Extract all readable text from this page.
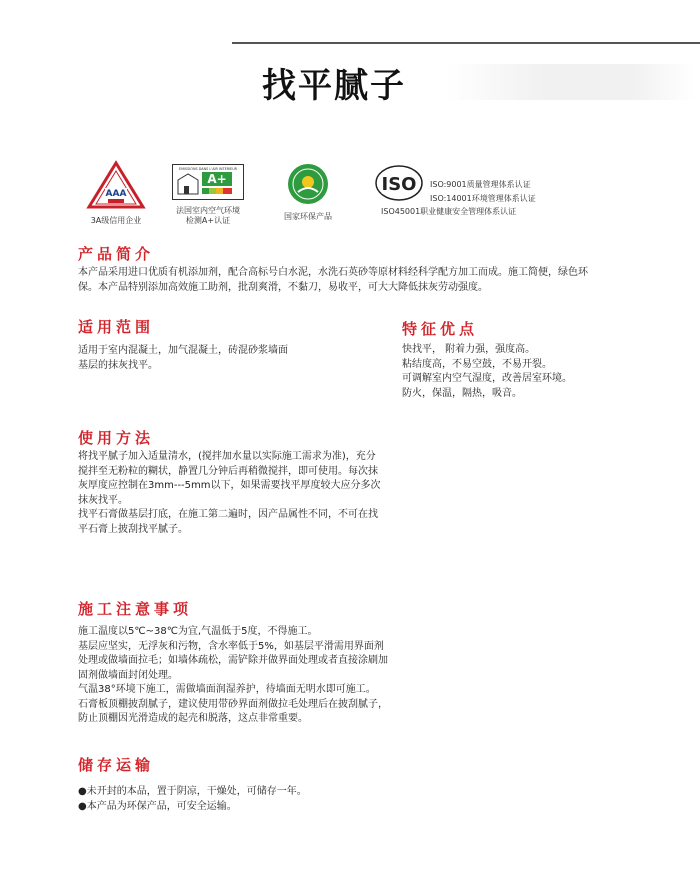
找平腻子
AAA
3A级信用企业
EMISSIONS DANS L'AIR INTERIEUR
A+
法国室内空气环境
检测A+认证	国家环保产品
ISO ISO:9001质量管理体系认证
ISO:14001环境管理体系认证
ISO45001职业健康安全管理体系认证
产品简介

本产品采用进口优质有机添加剂，配合高标号白水泥，水洗石英砂等原材料经科学配方加工而成。施工简便，绿色环

保。本产品特别添加高效施工助剂，批刮爽滑，不黏刀，易收平，可大大降低抹灰劳动强度。

适用范围

适用于室内混凝土，加气混凝土，砖混砂浆墙面

基层的抹灰找平。

特征优点

快找平， 附着力强，强度高。

粘结度高，不易空鼓，不易开裂。

可调解室内空气湿度，改善居室环境。

防火，保温，隔热，吸音。

使用方法

将找平腻子加入适量清水，(搅拌加水量以实际施工需求为准)，充分

搅拌至无粉粒的糊状，静置几分钟后再稍微搅拌，即可使用。每次抹

灰厚度应控制在3mm---5mm以下，如果需要找平厚度较大应分多次

抹灰找平。

找平石膏做基层打底，在施工第二遍时，因产品属性不同，不可在找

平石膏上披刮找平腻子。

施工注意事项

施工温度以5℃~38℃为宜,气温低于5度，不得施工。

基层应坚实，无浮灰和污物，含水率低于5%，如基层平滑需用界面剂

处理或做墙面拉毛；如墙体疏松，需铲除并做界面处理或者直接涂刷加

固剂做墙面封闭处理。

气温38°环境下施工，需做墙面润湿养护，待墙面无明水即可施工。

石膏板顶棚披刮腻子，建议使用带砂界面剂做拉毛处理后在披刮腻子，

防止顶棚因光滑造成的起壳和脱落，这点非常重要。

储存运输

●未开封的本品，置于阴凉，干燥处，可储存一年。

●本产品为环保产品，可安全运输。
